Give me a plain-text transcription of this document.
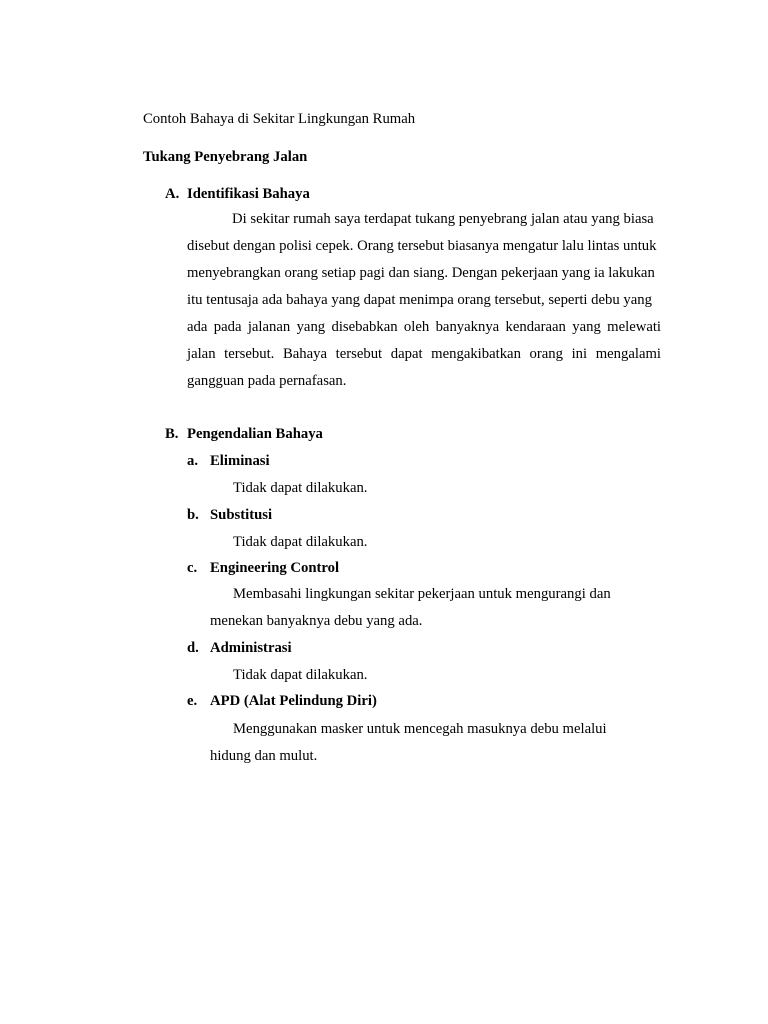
Contoh Bahaya di Sekitar Lingkungan Rumah
Tukang Penyebrang Jalan
A. Identifikasi Bahaya
Di sekitar rumah saya terdapat tukang penyebrang jalan atau yang biasa
disebut dengan polisi cepek. Orang tersebut biasanya mengatur lalu lintas untuk
menyebrangkan orang setiap pagi dan siang. Dengan pekerjaan yang ia lakukan
itu tentusaja ada bahaya yang dapat menimpa orang tersebut, seperti debu yang
ada pada jalanan yang disebabkan oleh banyaknya kendaraan yang melewati
jalan tersebut. Bahaya tersebut dapat mengakibatkan orang ini mengalami
gangguan pada pernafasan.
B. Pengendalian Bahaya
a. Eliminasi
Tidak dapat dilakukan.
b. Substitusi
Tidak dapat dilakukan.
c. Engineering Control
Membasahi lingkungan sekitar pekerjaan untuk mengurangi dan
menekan banyaknya debu yang ada.
d. Administrasi
Tidak dapat dilakukan.
e. APD (Alat Pelindung Diri)
Menggunakan masker untuk mencegah masuknya debu melalui
hidung dan mulut.
